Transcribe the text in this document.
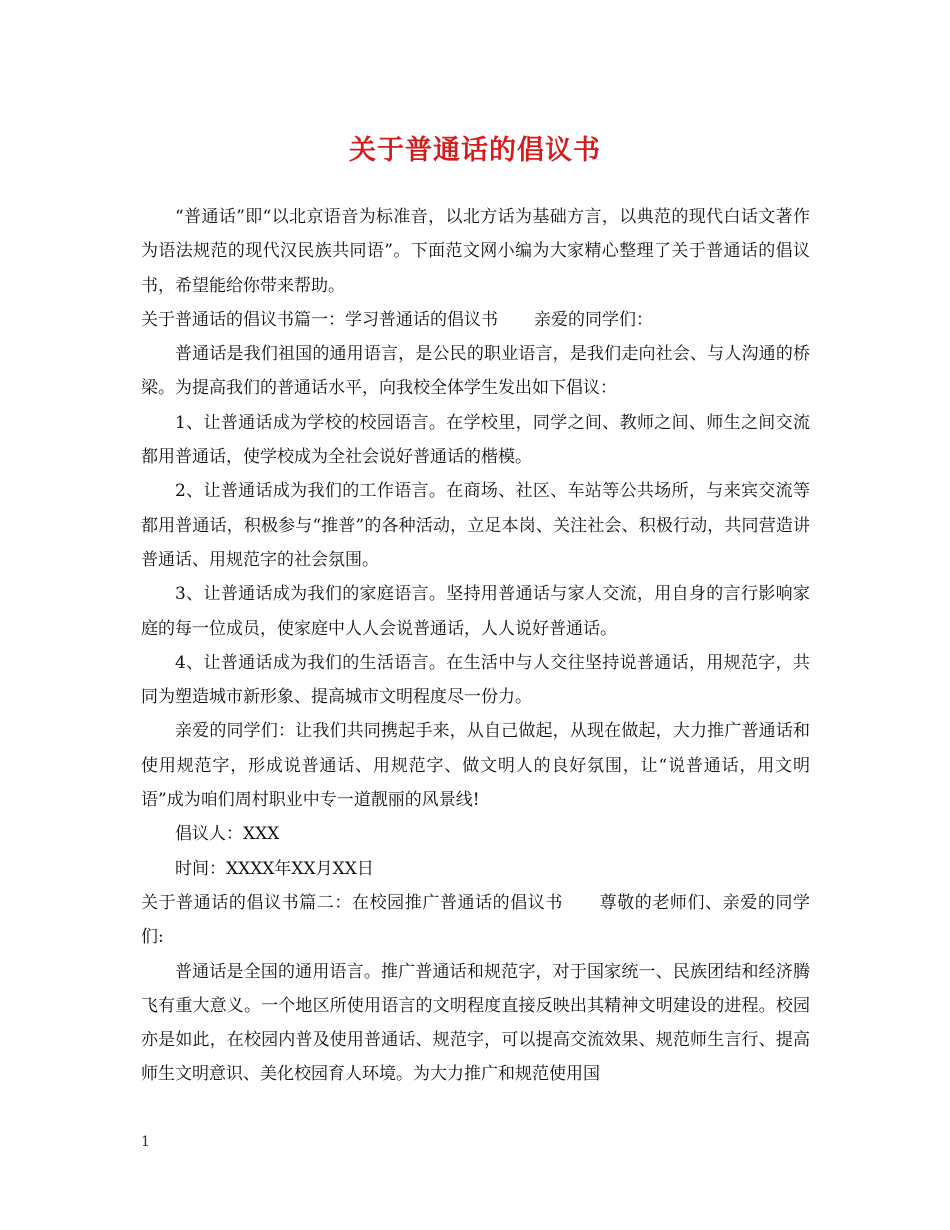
关于普通话的倡议书

“普通话”即“以北京语音为标准音，以北方话为基础方言，以典范的现代白话文著作为语法规范的现代汉民族共同语”。下面范文网小编为大家精心整理了关于普通话的倡议书，希望能给你带来帮助。

关于普通话的倡议书篇一：学习普通话的倡议书 亲爱的同学们：

普通话是我们祖国的通用语言，是公民的职业语言，是我们走向社会、与人沟通的桥梁。为提高我们的普通话水平，向我校全体学生发出如下倡议：

1、让普通话成为学校的校园语言。在学校里，同学之间、教师之间、师生之间交流都用普通话，使学校成为全社会说好普通话的楷模。

2、让普通话成为我们的工作语言。在商场、社区、车站等公共场所，与来宾交流等都用普通话，积极参与“推普”的各种活动，立足本岗、关注社会、积极行动，共同营造讲普通话、用规范字的社会氛围。

3、让普通话成为我们的家庭语言。坚持用普通话与家人交流，用自身的言行影响家庭的每一位成员，使家庭中人人会说普通话，人人说好普通话。

4、让普通话成为我们的生活语言。在生活中与人交往坚持说普通话，用规范字，共同为塑造城市新形象、提高城市文明程度尽一份力。

亲爱的同学们：让我们共同携起手来，从自己做起，从现在做起，大力推广普通话和使用规范字，形成说普通话、用规范字、做文明人的良好氛围，让“说普通话，用文明语”成为咱们周村职业中专一道靓丽的风景线!

倡议人：XXX

时间：XXXX年XX月XX日

关于普通话的倡议书篇二：在校园推广普通话的倡议书 尊敬的老师们、亲爱的同学们:

普通话是全国的通用语言。推广普通话和规范字，对于国家统一、民族团结和经济腾飞有重大意义。一个地区所使用语言的文明程度直接反映出其精神文明建设的进程。校园亦是如此，在校园内普及使用普通话、规范字，可以提高交流效果、规范师生言行、提高师生文明意识、美化校园育人环境。为大力推广和规范使用国

1
